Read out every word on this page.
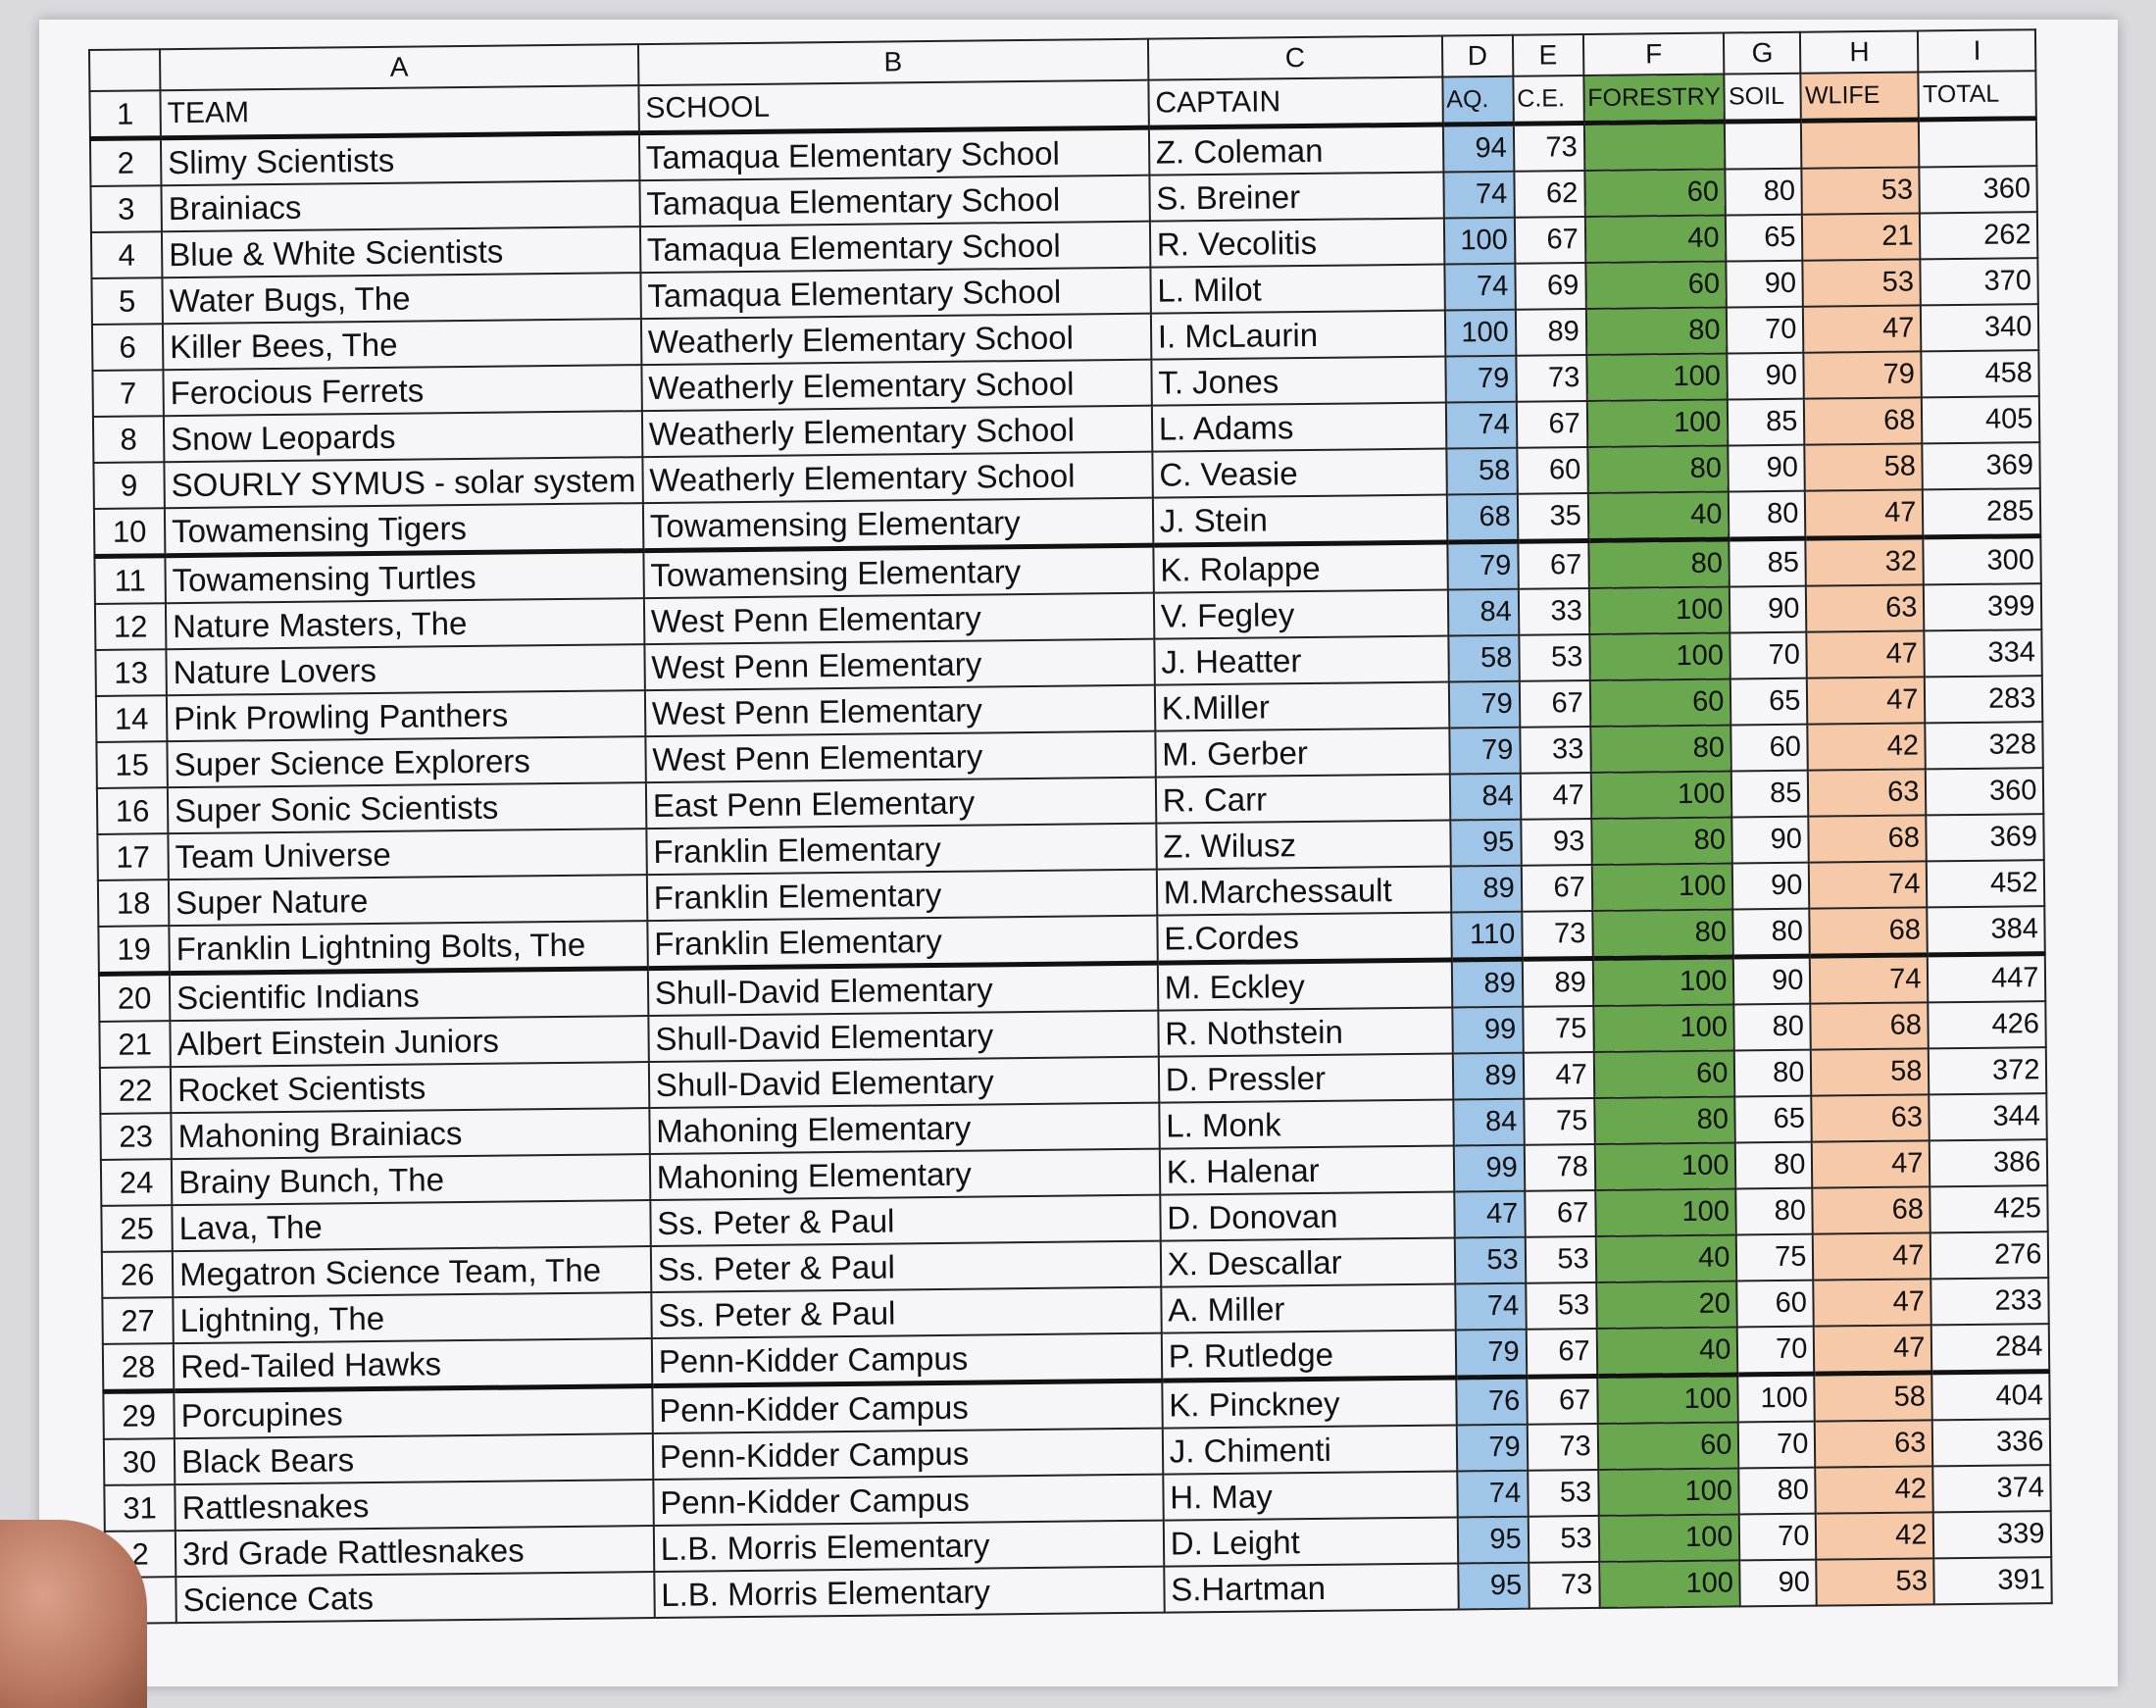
	A	B	C	D	E	F	G	H	I
1	TEAM	SCHOOL	CAPTAIN	AQ.	C.E.	FORESTRY	SOIL	WLIFE	TOTAL
2	Slimy Scientists	Tamaqua Elementary School	Z. Coleman	94	73				
3	Brainiacs	Tamaqua Elementary School	S. Breiner	74	62	60	80	53	360
4	Blue & White Scientists	Tamaqua Elementary School	R. Vecolitis	100	67	40	65	21	262
5	Water Bugs, The	Tamaqua Elementary School	L. Milot	74	69	60	90	53	370
6	Killer Bees, The	Weatherly Elementary School	I. McLaurin	100	89	80	70	47	340
7	Ferocious Ferrets	Weatherly Elementary School	T. Jones	79	73	100	90	79	458
8	Snow Leopards	Weatherly Elementary School	L. Adams	74	67	100	85	68	405
9	SOURLY SYMUS - solar system	Weatherly Elementary School	C. Veasie	58	60	80	90	58	369
10	Towamensing Tigers	Towamensing Elementary	J. Stein	68	35	40	80	47	285
11	Towamensing Turtles	Towamensing Elementary	K. Rolappe	79	67	80	85	32	300
12	Nature Masters, The	West Penn Elementary	V. Fegley	84	33	100	90	63	399
13	Nature Lovers	West Penn Elementary	J. Heatter	58	53	100	70	47	334
14	Pink Prowling Panthers	West Penn Elementary	K.Miller	79	67	60	65	47	283
15	Super Science Explorers	West Penn Elementary	M. Gerber	79	33	80	60	42	328
16	Super Sonic Scientists	East Penn Elementary	R. Carr	84	47	100	85	63	360
17	Team Universe	Franklin Elementary	Z. Wilusz	95	93	80	90	68	369
18	Super Nature	Franklin Elementary	M.Marchessault	89	67	100	90	74	452
19	Franklin Lightning Bolts, The	Franklin Elementary	E.Cordes	110	73	80	80	68	384
20	Scientific Indians	Shull-David Elementary	M. Eckley	89	89	100	90	74	447
21	Albert Einstein Juniors	Shull-David Elementary	R. Nothstein	99	75	100	80	68	426
22	Rocket Scientists	Shull-David Elementary	D. Pressler	89	47	60	80	58	372
23	Mahoning Brainiacs	Mahoning Elementary	L. Monk	84	75	80	65	63	344
24	Brainy Bunch, The	Mahoning Elementary	K. Halenar	99	78	100	80	47	386
25	Lava, The	Ss. Peter & Paul	D. Donovan	47	67	100	80	68	425
26	Megatron Science Team, The	Ss. Peter & Paul	X. Descallar	53	53	40	75	47	276
27	Lightning, The	Ss. Peter & Paul	A. Miller	74	53	20	60	47	233
28	Red-Tailed Hawks	Penn-Kidder Campus	P. Rutledge	79	67	40	70	47	284
29	Porcupines	Penn-Kidder Campus	K. Pinckney	76	67	100	100	58	404
30	Black Bears	Penn-Kidder Campus	J. Chimenti	79	73	60	70	63	336
31	Rattlesnakes	Penn-Kidder Campus	H. May	74	53	100	80	42	374
2	3rd Grade Rattlesnakes	L.B. Morris Elementary	D. Leight	95	53	100	70	42	339
	Science Cats	L.B. Morris Elementary	S.Hartman	95	73	100	90	53	391
